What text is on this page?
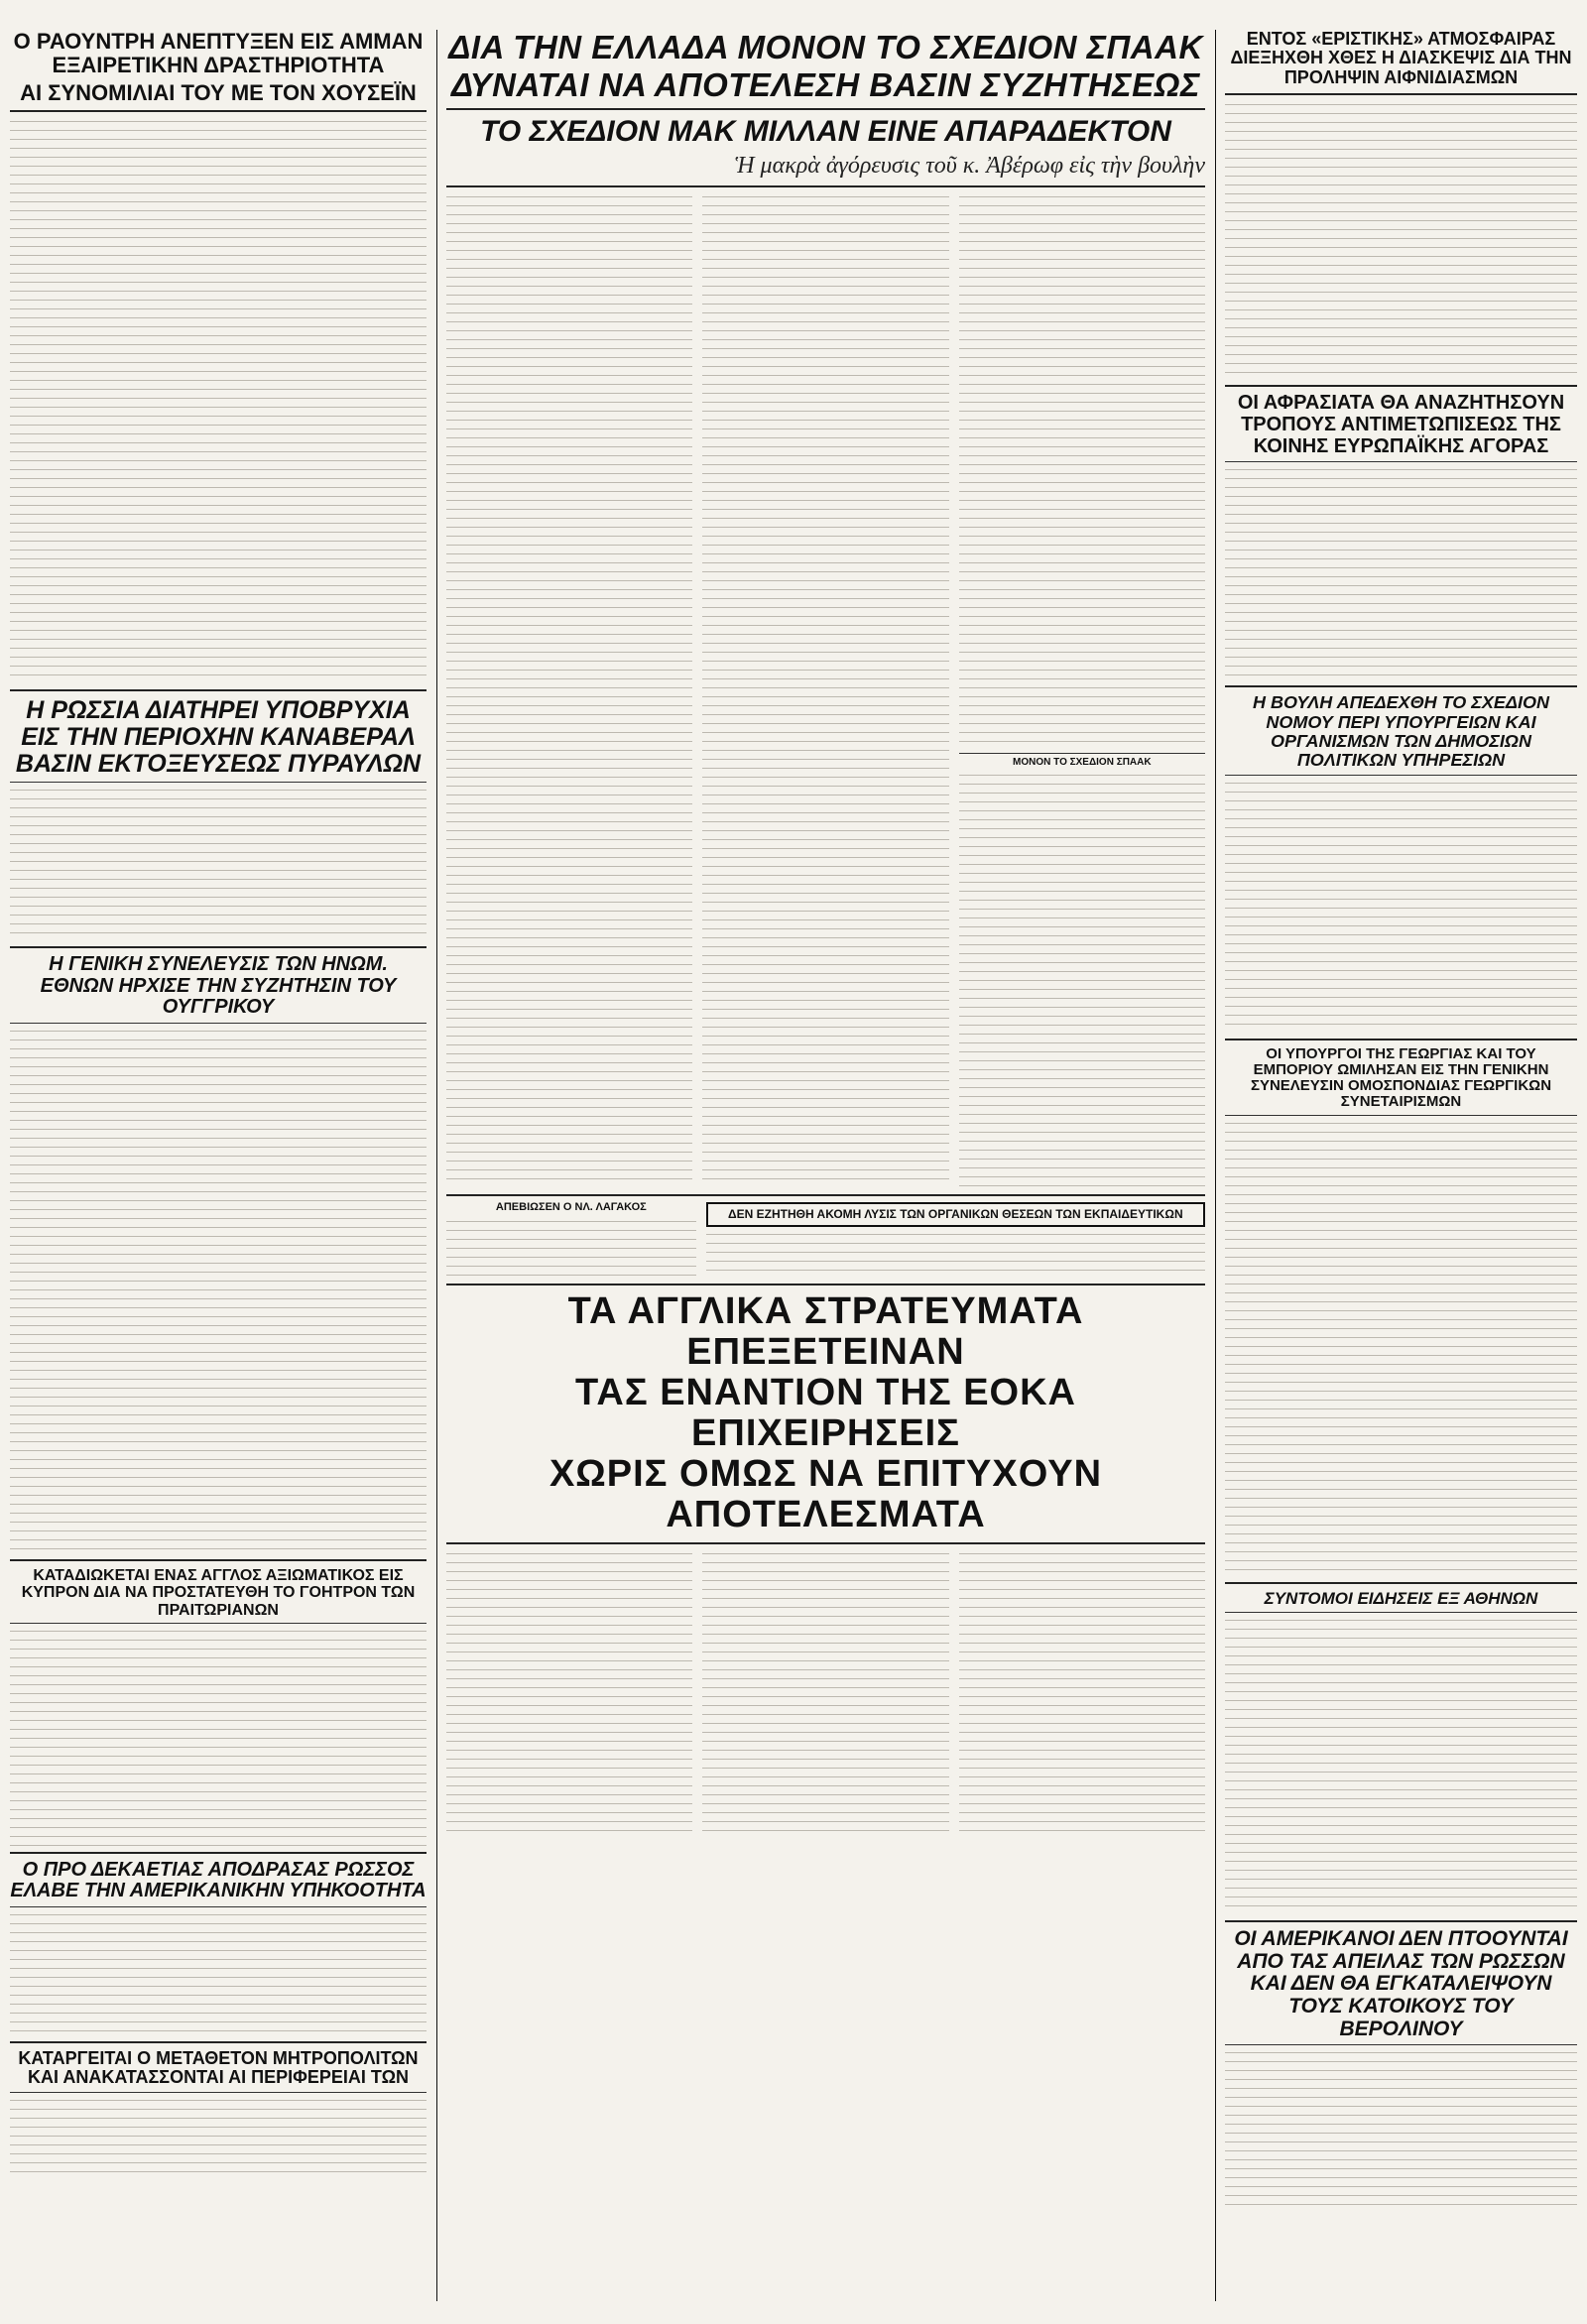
Ο ΡΑΟΥΝΤΡΗ ΑΝΕΠΤΥΞΕΝ ΕΙΣ ΑΜΜΑΝ ΕΞΑΙΡΕΤΙΚΗΝ ΔΡΑΣΤΗΡΙΟΤΗΤΑ
ΑΙ ΣΥΝΟΜΙΛΙΑΙ ΤΟΥ ΜΕ ΤΟΝ ΧΟΥΣΕΪΝ
Η ΡΩΣΣΙΑ ΔΙΑΤΗΡΕΙ ΥΠΟΒΡΥΧΙΑ ΕΙΣ ΤΗΝ ΠΕΡΙΟΧΗΝ ΚΑΝΑΒΕΡΑΛ ΒΑΣΙΝ ΕΚΤΟΞΕΥΣΕΩΣ ΠΥΡΑΥΛΩΝ
Η ΓΕΝΙΚΗ ΣΥΝΕΛΕΥΣΙΣ ΤΩΝ ΗΝΩΜ. ΕΘΝΩΝ ΗΡΧΙΣΕ ΤΗΝ ΣΥΖΗΤΗΣΙΝ ΤΟΥ ΟΥΓΓΡΙΚΟΥ
ΚΑΤΑΔΙΩΚΕΤΑΙ ΕΝΑΣ ΑΓΓΛΟΣ ΑΞΙΩΜΑΤΙΚΟΣ ΕΙΣ ΚΥΠΡΟΝ ΔΙΑ ΝΑ ΠΡΟΣΤΑΤΕΥΘΗ ΤΟ ΓΟΗΤΡΟΝ ΤΩΝ ΠΡΑΙΤΩΡΙΑΝΩΝ
Ο ΠΡΟ ΔΕΚΑΕΤΙΑΣ ΑΠΟΔΡΑΣΑΣ ΡΩΣΣΟΣ ΕΛΑΒΕ ΤΗΝ ΑΜΕΡΙΚΑΝΙΚΗΝ ΥΠΗΚΟΟΤΗΤΑ
ΚΑΤΑΡΓΕΙΤΑΙ Ο ΜΕΤΑΘΕΤΟΝ ΜΗΤΡΟΠΟΛΙΤΩΝ ΚΑΙ ΑΝΑΚΑΤΑΣΣΟΝΤΑΙ ΑΙ ΠΕΡΙΦΕΡΕΙΑΙ ΤΩΝ
ΔΙΑ ΤΗΝ ΕΛΛΑΔΑ ΜΟΝΟΝ ΤΟ ΣΧΕΔΙΟΝ ΣΠΑΑΚ
ΔΥΝΑΤΑΙ ΝΑ ΑΠΟΤΕΛΕΣΗ ΒΑΣΙΝ ΣΥΖΗΤΗΣΕΩΣ
ΤΟ ΣΧΕΔΙΟΝ ΜΑΚ ΜΙΛΛΑΝ ΕΙΝΕ ΑΠΑΡΑΔΕΚΤΟΝ

Ἡ μακρὰ ἀγόρευσις τοῦ κ. Ἀβέρωφ εἰς τὴν βουλὴν

ΜΟΝΟΝ ΤΟ ΣΧΕΔΙΟΝ ΣΠΑΑΚ
ΑΠΕΒΙΩΣΕΝ Ο ΝΛ. ΛΑΓΑΚΟΣ	ΔΕΝ ΕΖΗΤΗΘΗ ΑΚΟΜΗ ΛΥΣΙΣ ΤΩΝ ΟΡΓΑΝΙΚΩΝ ΘΕΣΕΩΝ ΤΩΝ ΕΚΠΑΙΔΕΥΤΙΚΩΝ
ΤΑ ΑΓΓΛΙΚΑ ΣΤΡΑΤΕΥΜΑΤΑ ΕΠΕΞΕΤΕΙΝΑΝ
ΤΑΣ ΕΝΑΝΤΙΟΝ ΤΗΣ ΕΟΚΑ ΕΠΙΧΕΙΡΗΣΕΙΣ
ΧΩΡΙΣ ΟΜΩΣ ΝΑ ΕΠΙΤΥΧΟΥΝ ΑΠΟΤΕΛΕΣΜΑΤΑ
ΕΝΤΟΣ «ΕΡΙΣΤΙΚΗΣ» ΑΤΜΟΣΦΑΙΡΑΣ ΔΙΕΞΗΧΘΗ ΧΘΕΣ Η ΔΙΑΣΚΕΨΙΣ ΔΙΑ ΤΗΝ ΠΡΟΛΗΨΙΝ ΑΙΦΝΙΔΙΑΣΜΩΝ
ΟΙ ΑΦΡΑΣΙΑΤΑ ΘΑ ΑΝΑΖΗΤΗΣΟΥΝ ΤΡΟΠΟΥΣ ΑΝΤΙΜΕΤΩΠΙΣΕΩΣ ΤΗΣ ΚΟΙΝΗΣ ΕΥΡΩΠΑΪΚΗΣ ΑΓΟΡΑΣ
Η ΒΟΥΛΗ ΑΠΕΔΕΧΘΗ ΤΟ ΣΧΕΔΙΟΝ ΝΟΜΟΥ ΠΕΡΙ ΥΠΟΥΡΓΕΙΩΝ ΚΑΙ ΟΡΓΑΝΙΣΜΩΝ ΤΩΝ ΔΗΜΟΣΙΩΝ ΠΟΛΙΤΙΚΩΝ ΥΠΗΡΕΣΙΩΝ
ΟΙ ΥΠΟΥΡΓΟΙ ΤΗΣ ΓΕΩΡΓΙΑΣ ΚΑΙ ΤΟΥ ΕΜΠΟΡΙΟΥ ΩΜΙΛΗΣΑΝ ΕΙΣ ΤΗΝ ΓΕΝΙΚΗΝ ΣΥΝΕΛΕΥΣΙΝ ΟΜΟΣΠΟΝΔΙΑΣ ΓΕΩΡΓΙΚΩΝ ΣΥΝΕΤΑΙΡΙΣΜΩΝ
ΣΥΝΤΟΜΟΙ ΕΙΔΗΣΕΙΣ ΕΞ ΑΘΗΝΩΝ
ΟΙ ΑΜΕΡΙΚΑΝΟΙ ΔΕΝ ΠΤΟΟΥΝΤΑΙ ΑΠΟ ΤΑΣ ΑΠΕΙΛΑΣ ΤΩΝ ΡΩΣΣΩΝ ΚΑΙ ΔΕΝ ΘΑ ΕΓΚΑΤΑΛΕΙΨΟΥΝ ΤΟΥΣ ΚΑΤΟΙΚΟΥΣ ΤΟΥ ΒΕΡΟΛΙΝΟΥ
